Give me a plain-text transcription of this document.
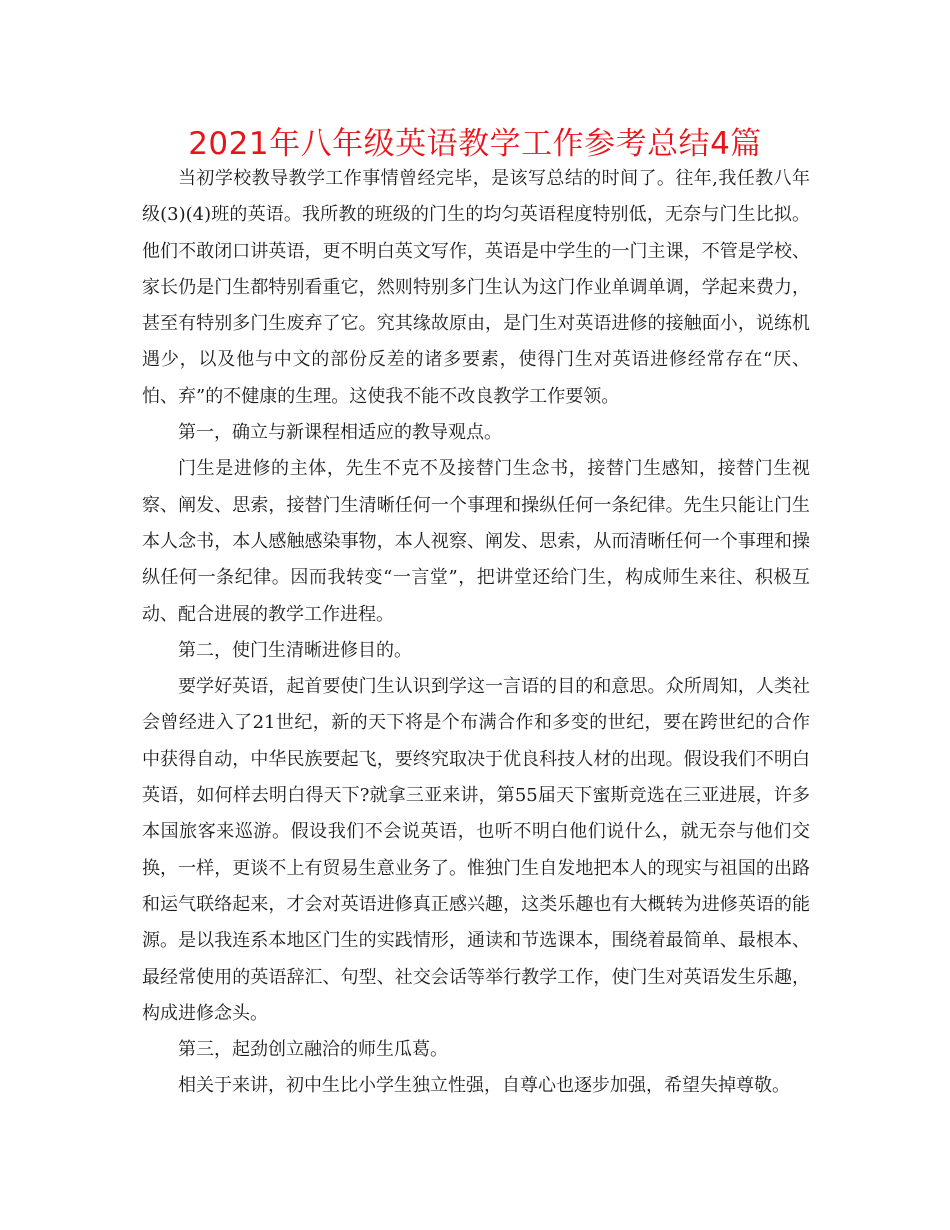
2021年八年级英语教学工作参考总结4篇

当初学校教导教学工作事情曾经完毕，是该写总结的时间了。往年,我任教八年级(3)(4)班的英语。我所教的班级的门生的均匀英语程度特别低，无奈与门生比拟。他们不敢闭口讲英语，更不明白英文写作，英语是中学生的一门主课，不管是学校、家长仍是门生都特别看重它，然则特别多门生认为这门作业单调单调，学起来费力，甚至有特别多门生废弃了它。究其缘故原由，是门生对英语进修的接触面小，说练机遇少，以及他与中文的部份反差的诸多要素，使得门生对英语进修经常存在“厌、怕、弃”的不健康的生理。这使我不能不改良教学工作要领。

第一，确立与新课程相适应的教导观点。

门生是进修的主体，先生不克不及接替门生念书，接替门生感知，接替门生视察、阐发、思索，接替门生清晰任何一个事理和操纵任何一条纪律。先生只能让门生本人念书，本人感触感染事物，本人视察、阐发、思索，从而清晰任何一个事理和操纵任何一条纪律。因而我转变“一言堂”，把讲堂还给门生，构成师生来往、积极互动、配合进展的教学工作进程。

第二，使门生清晰进修目的。

要学好英语，起首要使门生认识到学这一言语的目的和意思。众所周知，人类社会曾经进入了21世纪，新的天下将是个布满合作和多变的世纪，要在跨世纪的合作中获得自动，中华民族要起飞，要终究取决于优良科技人材的出现。假设我们不明白英语，如何样去明白得天下?就拿三亚来讲，第55届天下蜜斯竞选在三亚进展，许多本国旅客来巡游。假设我们不会说英语，也听不明白他们说什么，就无奈与他们交换，一样，更谈不上有贸易生意业务了。惟独门生自发地把本人的现实与祖国的出路和运气联络起来，才会对英语进修真正感兴趣，这类乐趣也有大概转为进修英语的能源。是以我连系本地区门生的实践情形，通读和节选课本，围绕着最简单、最根本、最经常使用的英语辞汇、句型、社交会话等举行教学工作，使门生对英语发生乐趣，构成进修念头。

第三，起劲创立融洽的师生瓜葛。

相关于来讲，初中生比小学生独立性强，自尊心也逐步加强，希望失掉尊敬。
